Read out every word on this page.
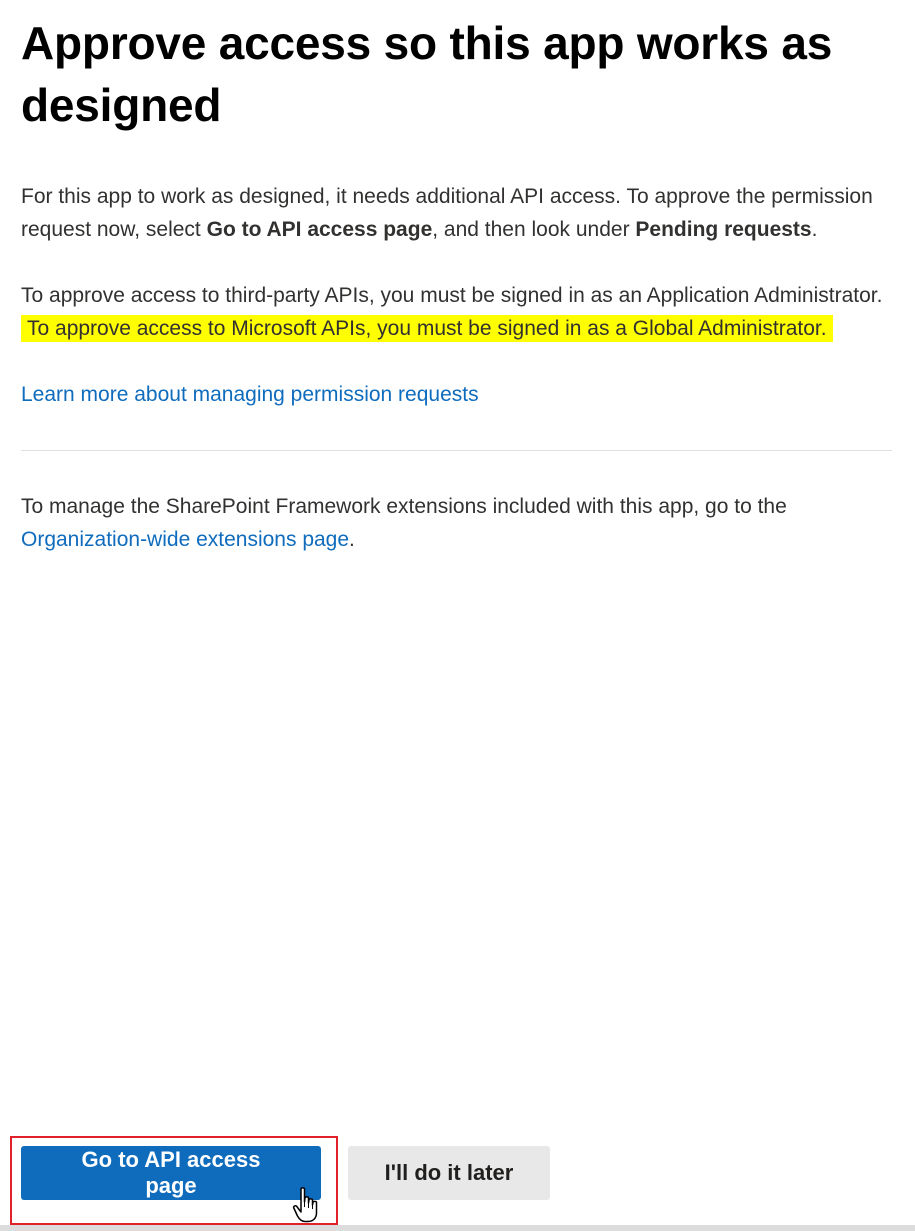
Approve access so this app works as designed

For this app to work as designed, it needs additional API access. To approve the permission request now, select Go to API access page, and then look under Pending requests.

To approve access to third-party APIs, you must be signed in as an Application Administrator. To approve access to Microsoft APIs, you must be signed in as a Global Administrator.

Learn more about managing permission requests

To manage the SharePoint Framework extensions included with this app, go to the Organization-wide extensions page.

Go to API access page
I'll do it later
